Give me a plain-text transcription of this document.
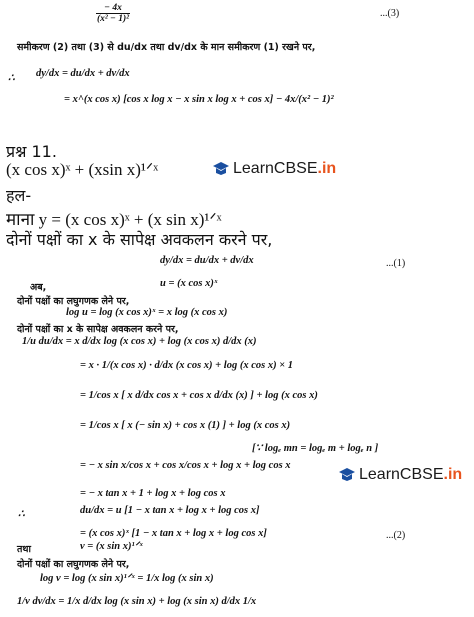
$\frac{- 4x}{\text{(x² − 1)²}}$	...(3)
समीकरण (2) तथा (3) से du/dx तथा dv/dx के मान समीकरण (1) रखने पर,
∴ dy/dx = du/dx + dv/dx
= x^(x cos x) [cos x log x − x sin x log x + cos x] − 4x/(x² − 1)²
प्रश्न 11.
(x cos x)ˣ + (xsin x)¹ᐟˣ	LearnCBSE .in
हल-
माना y = (x cos x)ˣ + (x sin x)¹ᐟˣ
दोनों पक्षों का x के सापेक्ष अवकलन करने पर,
dy/dx = du/dx + dv/dx	...(1)
अब,	u = (x cos x)ˣ
दोनों पक्षों का लघुगणक लेने पर,
log u = log (x cos x)ˣ = x log (x cos x)
दोनों पक्षों का x के सापेक्ष अवकलन करने पर,
1/u du/dx = x d/dx log (x cos x) + log (x cos x) d/dx (x)
= x · 1/(x cos x) · d/dx (x cos x) + log (x cos x) × 1
= 1/cos x [ x d/dx cos x + cos x d/dx (x) ] + log (x cos x)
= 1/cos x [ x (− sin x) + cos x (1) ] + log (x cos x)
[∵ logₑ mn = logₑ m + logₑ n ]
= − x sin x/cos x + cos x/cos x + log x + log cos x
LearnCBSE .in
= − x tan x + 1 + log x + log cos x
du/dx = u [1 − x tan x + log x + log cos x]
∴
= (x cos x)ˣ [1 − x tan x + log x + log cos x]	...(2)
तथा	v = (x sin x)¹ᐟˣ
दोनों पक्षों का लघुगणक लेने पर,
log v = log (x sin x)¹ᐟˣ = 1/x log (x sin x)
1/v dv/dx = 1/x d/dx log (x sin x) + log (x sin x) d/dx 1/x
